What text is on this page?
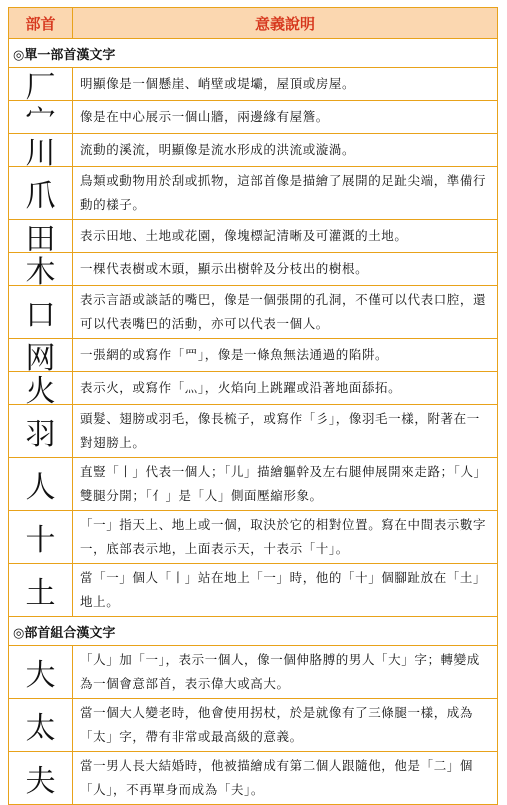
部首	意義說明
◎單一部首漢文字
厂	明顯像是一個懸崖、峭壁或堤壩，屋頂或房屋。
宀	像是在中心展示一個山牆，兩邊緣有屋簷。
川	流動的溪流，明顯像是流水形成的洪流或漩渦。
爪	鳥類或動物用於刮或抓物，這部首像是描繪了展開的足趾尖端，準備行動的樣子。
田	表示田地、土地或花園，像塊標記清晰及可灌溉的土地。
木	一棵代表樹或木頭，顯示出樹幹及分枝出的樹根。
口	表示言語或談話的嘴巴，像是一個張開的孔洞，不僅可以代表口腔，還可以代表嘴巴的活動，亦可以代表一個人。
网	一張網的或寫作「罒」，像是一條魚無法通過的陷阱。
火	表示火，或寫作「灬」，火焰向上跳躍或沿著地面舔拓。
羽	頭髮、翅膀或羽毛，像長梳子，或寫作「彡」，像羽毛一樣，附著在一對翅膀上。
人	直豎「丨」代表一個人；「儿」描繪軀幹及左右腿伸展開來走路；「人」雙腿分開；「亻」是「人」側面壓縮形象。
十	「一」指天上、地上或一個，取決於它的相對位置。寫在中間表示數字一，底部表示地，上面表示天，十表示「十」。
土	當「一」個人「丨」站在地上「一」時，他的「十」個腳趾放在「土」地上。
◎部首組合漢文字
大	「人」加「一」，表示一個人，像一個伸胳膊的男人「大」字；轉變成為一個會意部首，表示偉大或高大。
太	當一個大人變老時，他會使用拐杖，於是就像有了三條腿一樣，成為「太」字，帶有非常或最高級的意義。
夫	當一男人長大結婚時，他被描繪成有第二個人跟隨他，他是「二」個「人」，不再單身而成為「夫」。
